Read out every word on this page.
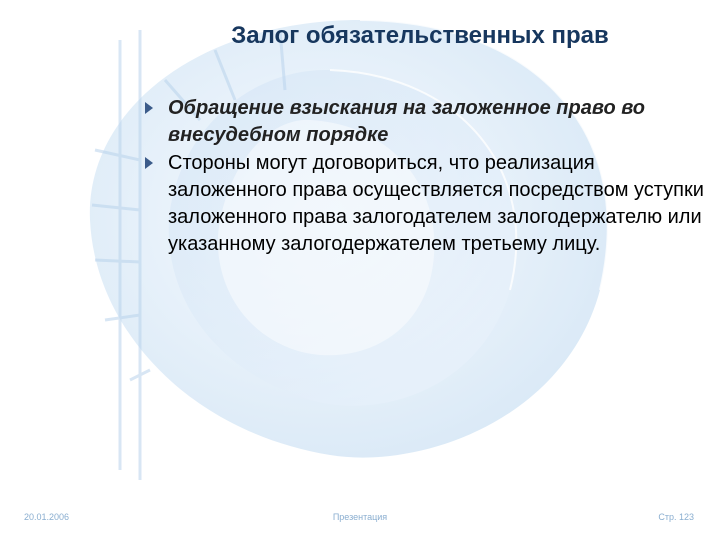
Залог обязательственных прав
Обращение взыскания на заложенное право во внесудебном порядке
Стороны могут договориться, что реализация заложенного права осуществляется посредством уступки заложенного права залогодателем залогодержателю или указанному залогодержателем третьему лицу.
20.01.2006	Презентация	Стр. 123
